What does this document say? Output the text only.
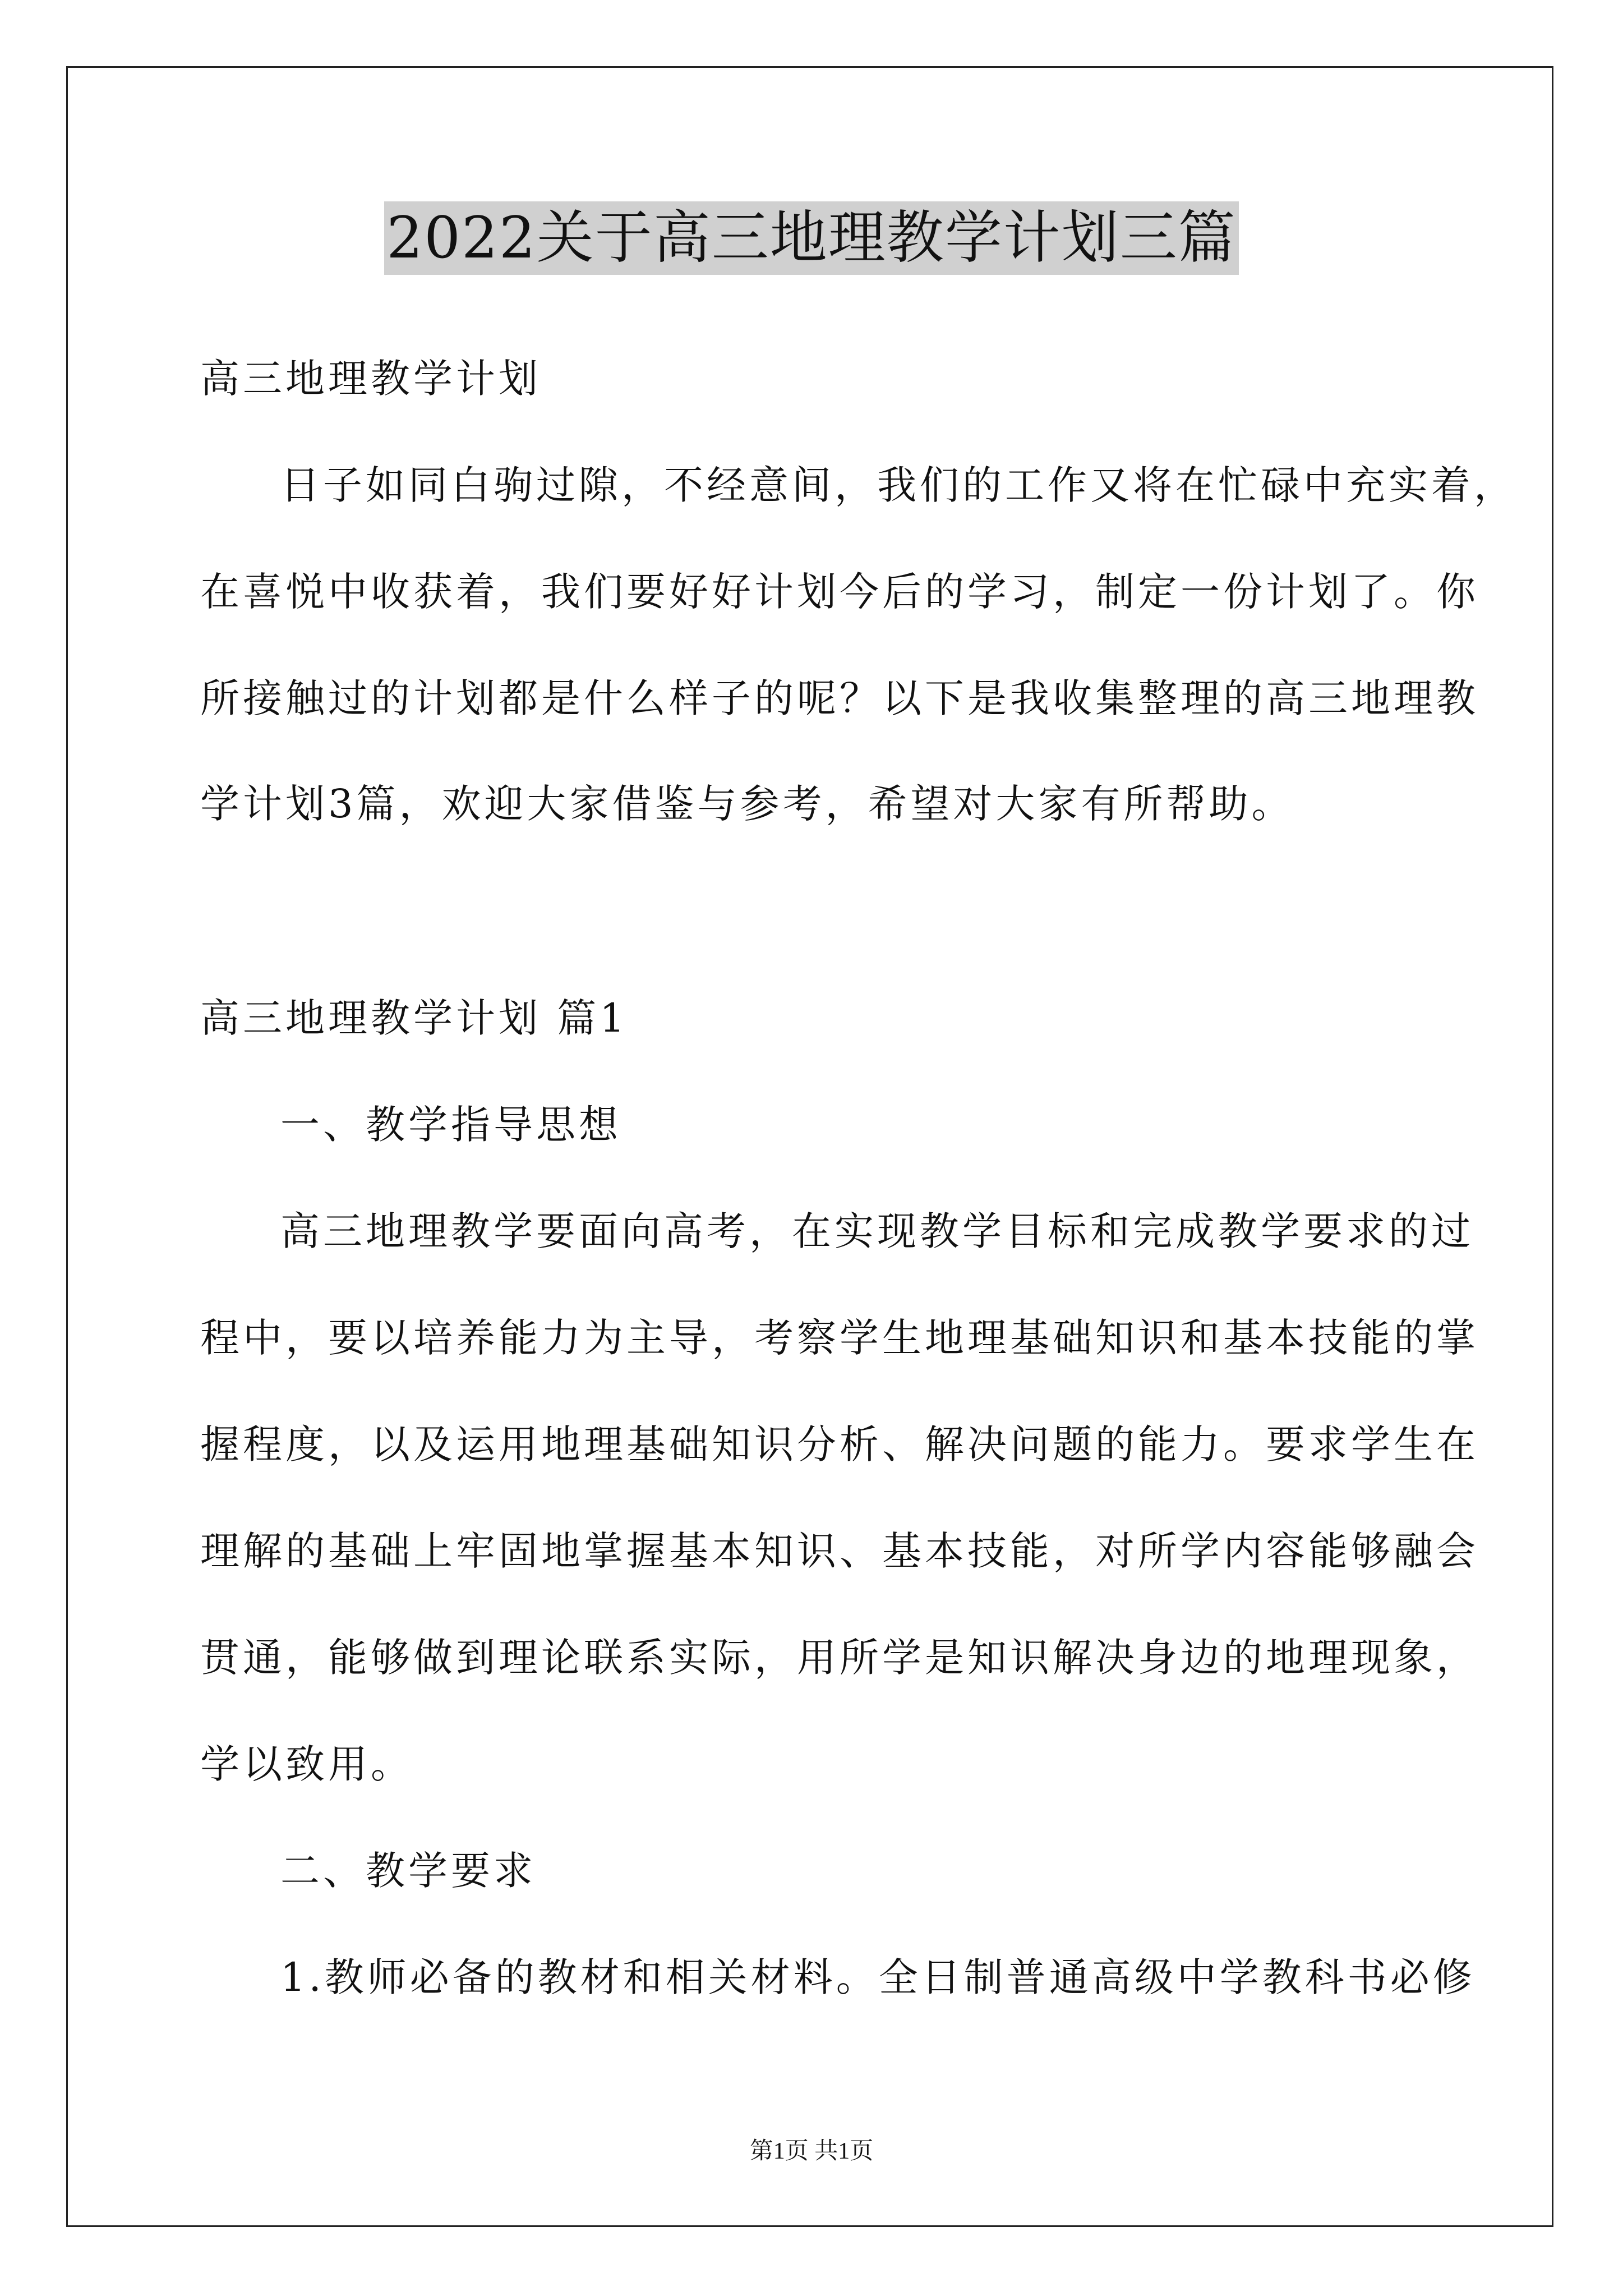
2022关于高三地理教学计划三篇
高三地理教学计划
日子如同白驹过隙，不经意间，我们的工作又将在忙碌中充实着，
在喜悦中收获着，我们要好好计划今后的学习，制定一份计划了。你
所接触过的计划都是什么样子的呢？以下是我收集整理的高三地理教
学计划3篇，欢迎大家借鉴与参考，希望对大家有所帮助。
高三地理教学计划 篇1
一、教学指导思想
高三地理教学要面向高考，在实现教学目标和完成教学要求的过
程中，要以培养能力为主导，考察学生地理基础知识和基本技能的掌
握程度，以及运用地理基础知识分析、解决问题的能力。要求学生在
理解的基础上牢固地掌握基本知识、基本技能，对所学内容能够融会
贯通，能够做到理论联系实际，用所学是知识解决身边的地理现象，
学以致用。
二、教学要求
1.教师必备的教材和相关材料。全日制普通高级中学教科书必修
第1页 共1页
